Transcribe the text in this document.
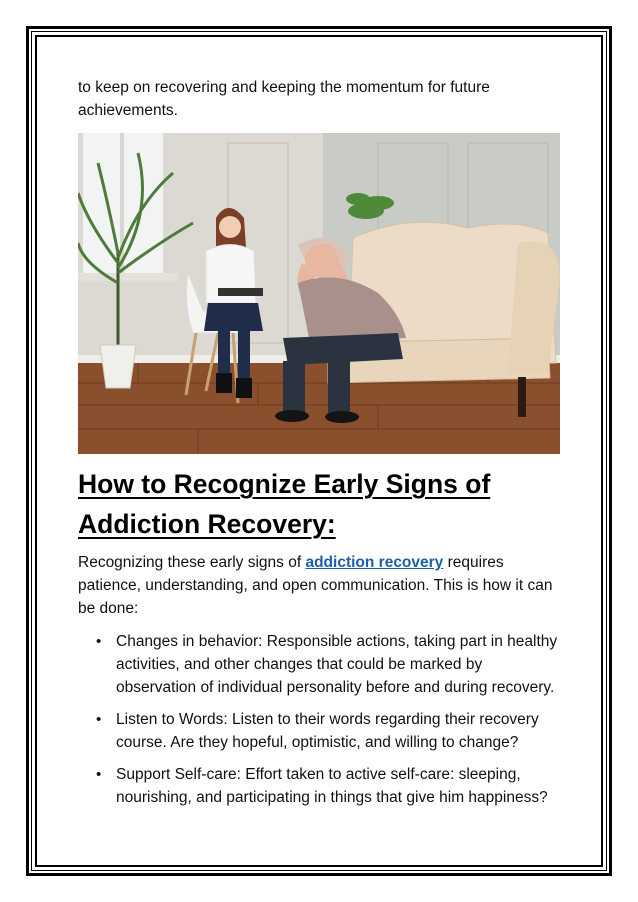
to keep on recovering and keeping the momentum for future achievements.

How to Recognize Early Signs of
Addiction Recovery:

Recognizing these early signs of addiction recovery requires patience, understanding, and open communication. This is how it can be done:

• Changes in behavior: Responsible actions, taking part in healthy activities, and other changes that could be marked by observation of individual personality before and during recovery.
• Listen to Words: Listen to their words regarding their recovery course. Are they hopeful, optimistic, and willing to change?
• Support Self-care: Effort taken to active self-care: sleeping, nourishing, and participating in things that give him happiness?
